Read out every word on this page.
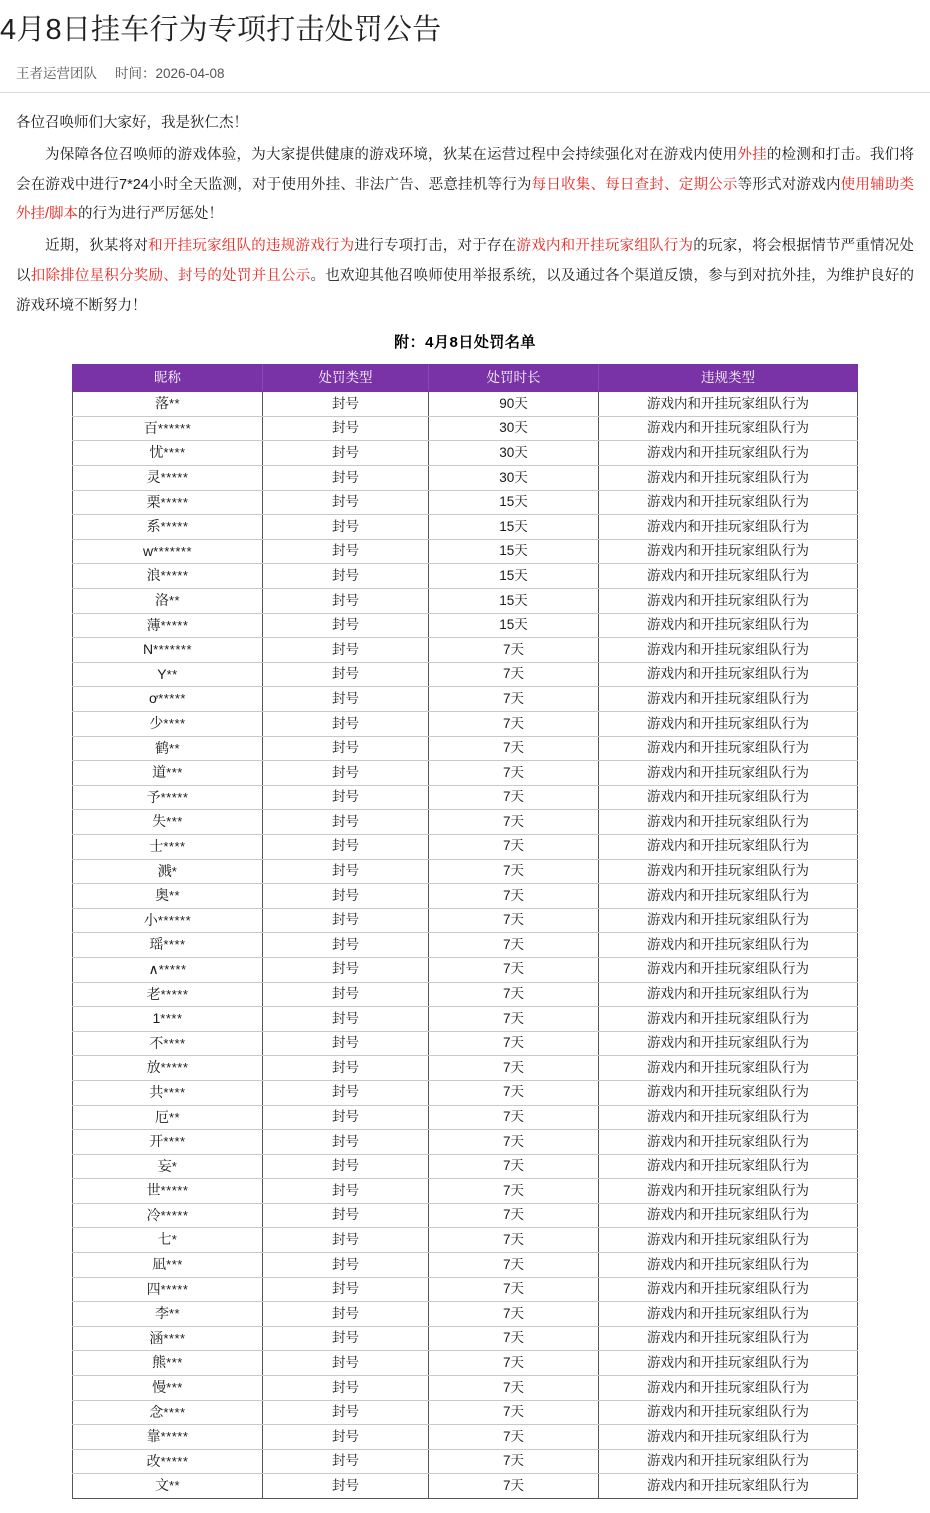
4月8日挂车行为专项打击处罚公告
王者运营团队 时间：2026-04-08

各位召唤师们大家好，我是狄仁杰！

为保障各位召唤师的游戏体验，为大家提供健康的游戏环境，狄某在运营过程中会持续强化对在游戏内使用外挂的检测和打击。我们将会在游戏中进行7*24小时全天监测，对于使用外挂、非法广告、恶意挂机等行为每日收集、每日查封、定期公示等形式对游戏内使用辅助类外挂/脚本的行为进行严厉惩处！

近期，狄某将对和开挂玩家组队的违规游戏行为进行专项打击，对于存在游戏内和开挂玩家组队行为的玩家，将会根据情节严重情况处以扣除排位星积分奖励、封号的处罚并且公示。也欢迎其他召唤师使用举报系统，以及通过各个渠道反馈，参与到对抗外挂，为维护良好的游戏环境不断努力！

附：4月8日处罚名单
昵称	处罚类型	处罚时长	违规类型
落**	封号	90天	游戏内和开挂玩家组队行为
百******	封号	30天	游戏内和开挂玩家组队行为
忧****	封号	30天	游戏内和开挂玩家组队行为
灵*****	封号	30天	游戏内和开挂玩家组队行为
栗*****	封号	15天	游戏内和开挂玩家组队行为
系*****	封号	15天	游戏内和开挂玩家组队行为
w*******	封号	15天	游戏内和开挂玩家组队行为
浪*****	封号	15天	游戏内和开挂玩家组队行为
洛**	封号	15天	游戏内和开挂玩家组队行为
薄*****	封号	15天	游戏内和开挂玩家组队行为
N*******	封号	7天	游戏内和开挂玩家组队行为
Y**	封号	7天	游戏内和开挂玩家组队行为
ơ*****	封号	7天	游戏内和开挂玩家组队行为
少****	封号	7天	游戏内和开挂玩家组队行为
鹤**	封号	7天	游戏内和开挂玩家组队行为
道***	封号	7天	游戏内和开挂玩家组队行为
予*****	封号	7天	游戏内和开挂玩家组队行为
失***	封号	7天	游戏内和开挂玩家组队行为
士****	封号	7天	游戏内和开挂玩家组队行为
溅*	封号	7天	游戏内和开挂玩家组队行为
奥**	封号	7天	游戏内和开挂玩家组队行为
小******	封号	7天	游戏内和开挂玩家组队行为
瑶****	封号	7天	游戏内和开挂玩家组队行为
∧*****	封号	7天	游戏内和开挂玩家组队行为
老*****	封号	7天	游戏内和开挂玩家组队行为
1****	封号	7天	游戏内和开挂玩家组队行为
不****	封号	7天	游戏内和开挂玩家组队行为
放*****	封号	7天	游戏内和开挂玩家组队行为
共****	封号	7天	游戏内和开挂玩家组队行为
厄**	封号	7天	游戏内和开挂玩家组队行为
开****	封号	7天	游戏内和开挂玩家组队行为
妄*	封号	7天	游戏内和开挂玩家组队行为
世*****	封号	7天	游戏内和开挂玩家组队行为
冷*****	封号	7天	游戏内和开挂玩家组队行为
七*	封号	7天	游戏内和开挂玩家组队行为
凪***	封号	7天	游戏内和开挂玩家组队行为
四*****	封号	7天	游戏内和开挂玩家组队行为
李**	封号	7天	游戏内和开挂玩家组队行为
涵****	封号	7天	游戏内和开挂玩家组队行为
熊***	封号	7天	游戏内和开挂玩家组队行为
慢***	封号	7天	游戏内和开挂玩家组队行为
念****	封号	7天	游戏内和开挂玩家组队行为
靠*****	封号	7天	游戏内和开挂玩家组队行为
改*****	封号	7天	游戏内和开挂玩家组队行为
文**	封号	7天	游戏内和开挂玩家组队行为
